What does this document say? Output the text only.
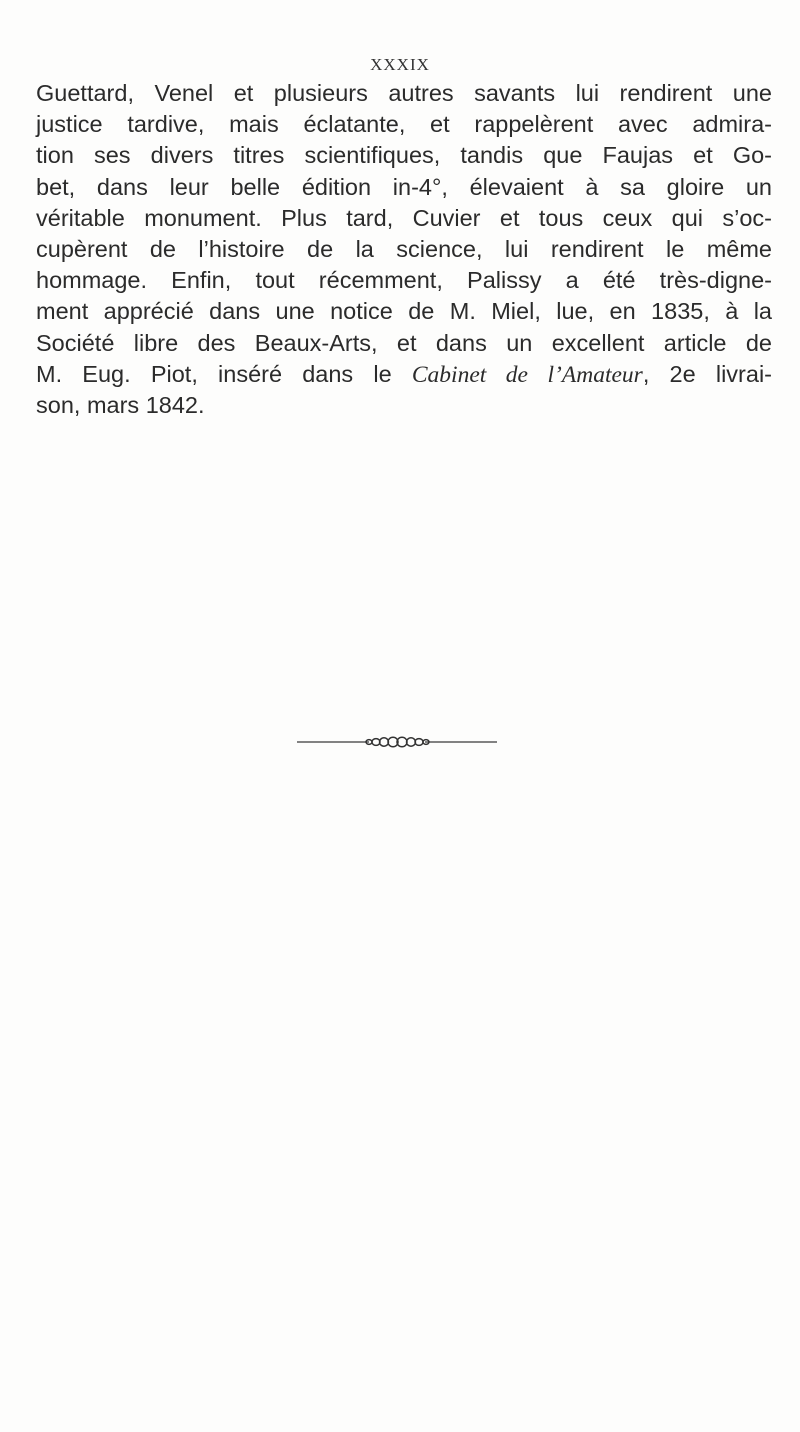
XXXIX
Guettard, Venel et plusieurs autres savants lui rendirent une
justice tardive, mais éclatante, et rappelèrent avec admira-
tion ses divers titres scientifiques, tandis que Faujas et Go-
bet, dans leur belle édition in-4°, élevaient à sa gloire un
véritable monument. Plus tard, Cuvier et tous ceux qui s’oc-
cupèrent de l’histoire de la science, lui rendirent le même
hommage. Enfin, tout récemment, Palissy a été très-digne-
ment apprécié dans une notice de M. Miel, lue, en 1835, à la
Société libre des Beaux-Arts, et dans un excellent article de
M. Eug. Piot, inséré dans le Cabinet de l’Amateur, 2e livrai-
son, mars 1842.
